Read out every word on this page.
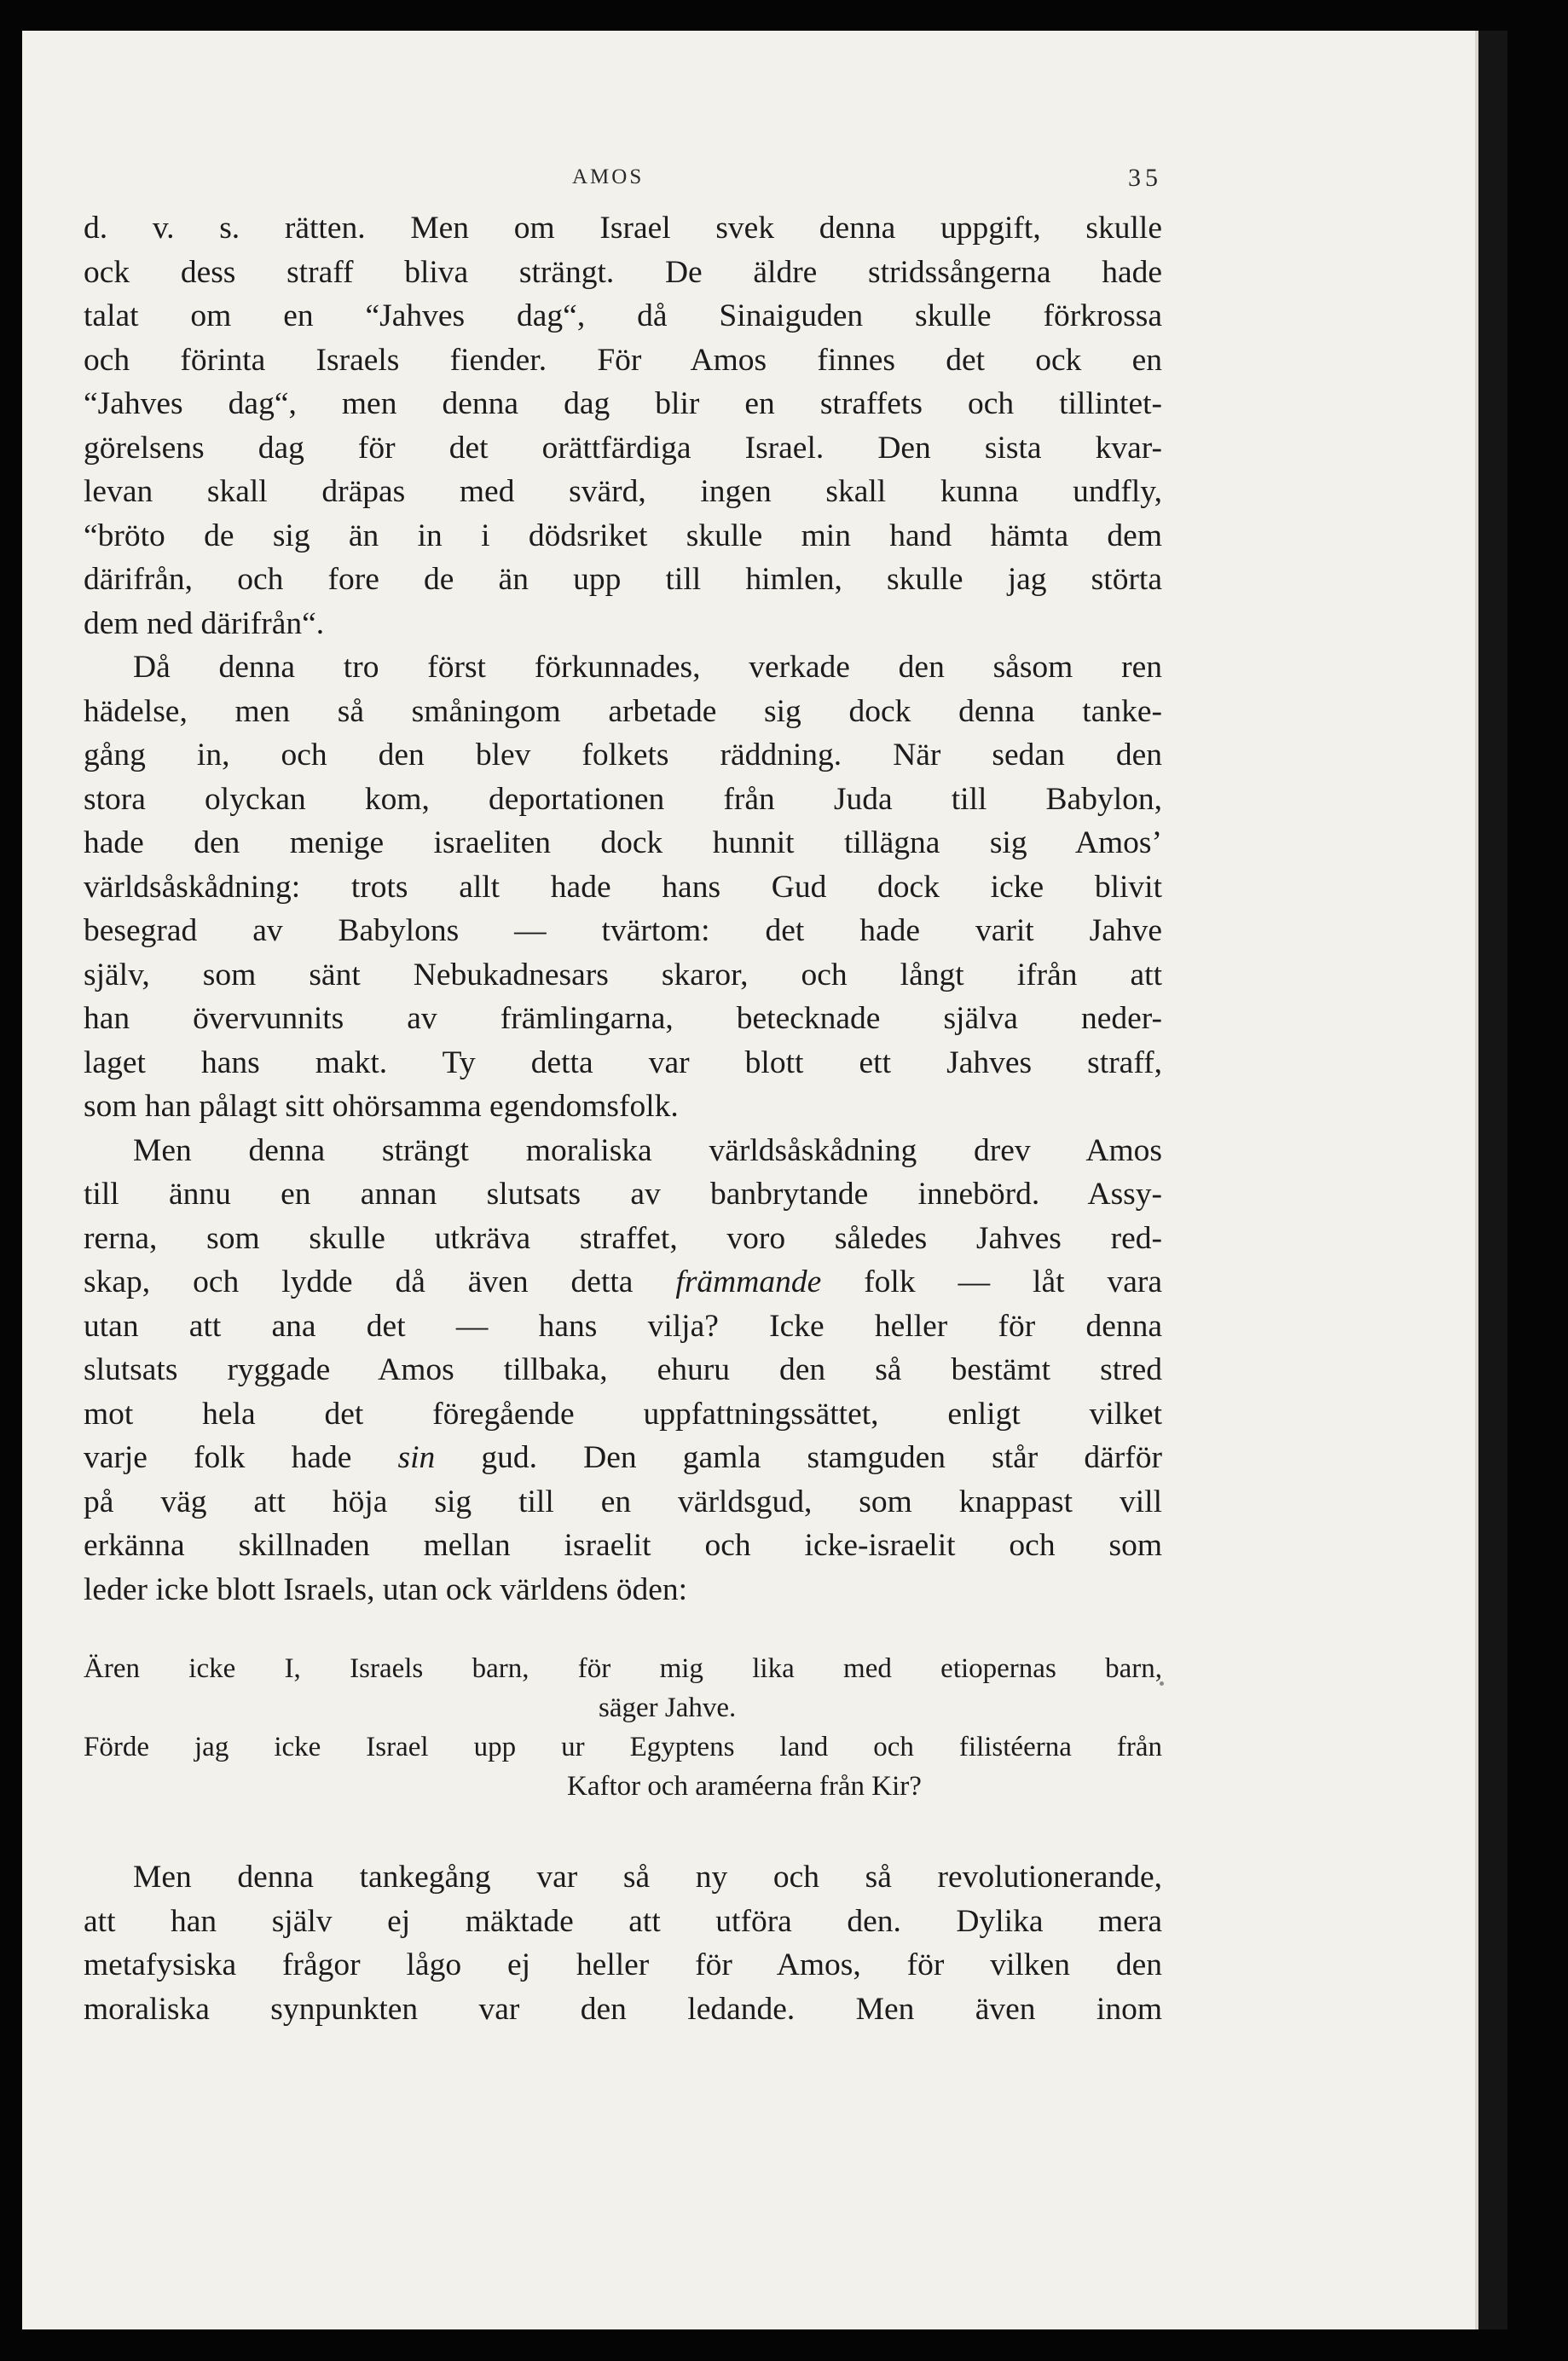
AMOS	35
d. v. s. rätten. Men om Israel svek denna uppgift, skulle
ock dess straff bliva strängt. De äldre stridssångerna hade
talat om en “Jahves dag“, då Sinaiguden skulle förkrossa
och förinta Israels fiender. För Amos finnes det ock en
“Jahves dag“, men denna dag blir en straffets och tillintet-
görelsens dag för det orättfärdiga Israel. Den sista kvar-
levan skall dräpas med svärd, ingen skall kunna undfly,
“bröto de sig än in i dödsriket skulle min hand hämta dem
därifrån, och fore de än upp till himlen, skulle jag störta
dem ned därifrån“.
Då denna tro först förkunnades, verkade den såsom ren
hädelse, men så småningom arbetade sig dock denna tanke-
gång in, och den blev folkets räddning. När sedan den
stora olyckan kom, deportationen från Juda till Babylon,
hade den menige israeliten dock hunnit tillägna sig Amos’
världsåskådning: trots allt hade hans Gud dock icke blivit
besegrad av Babylons — tvärtom: det hade varit Jahve
själv, som sänt Nebukadnesars skaror, och långt ifrån att
han övervunnits av främlingarna, betecknade själva neder-
laget hans makt. Ty detta var blott ett Jahves straff,
som han pålagt sitt ohörsamma egendomsfolk.
Men denna strängt moraliska världsåskådning drev Amos
till ännu en annan slutsats av banbrytande innebörd. Assy-
rerna, som skulle utkräva straffet, voro således Jahves red-
skap, och lydde då även detta främmande folk — låt vara
utan att ana det — hans vilja? Icke heller för denna
slutsats ryggade Amos tillbaka, ehuru den så bestämt stred
mot hela det föregående uppfattningssättet, enligt vilket
varje folk hade sin gud. Den gamla stamguden står därför
på väg att höja sig till en världsgud, som knappast vill
erkänna skillnaden mellan israelit och icke-israelit och som
leder icke blott Israels, utan ock världens öden:
Ären icke I, Israels barn, för mig lika med etiopernas barn,
säger Jahve.
Förde jag icke Israel upp ur Egyptens land och filistéerna från
Kaftor och araméerna från Kir?
Men denna tankegång var så ny och så revolutionerande,
att han själv ej mäktade att utföra den. Dylika mera
metafysiska frågor lågo ej heller för Amos, för vilken den
moraliska synpunkten var den ledande. Men även inom
